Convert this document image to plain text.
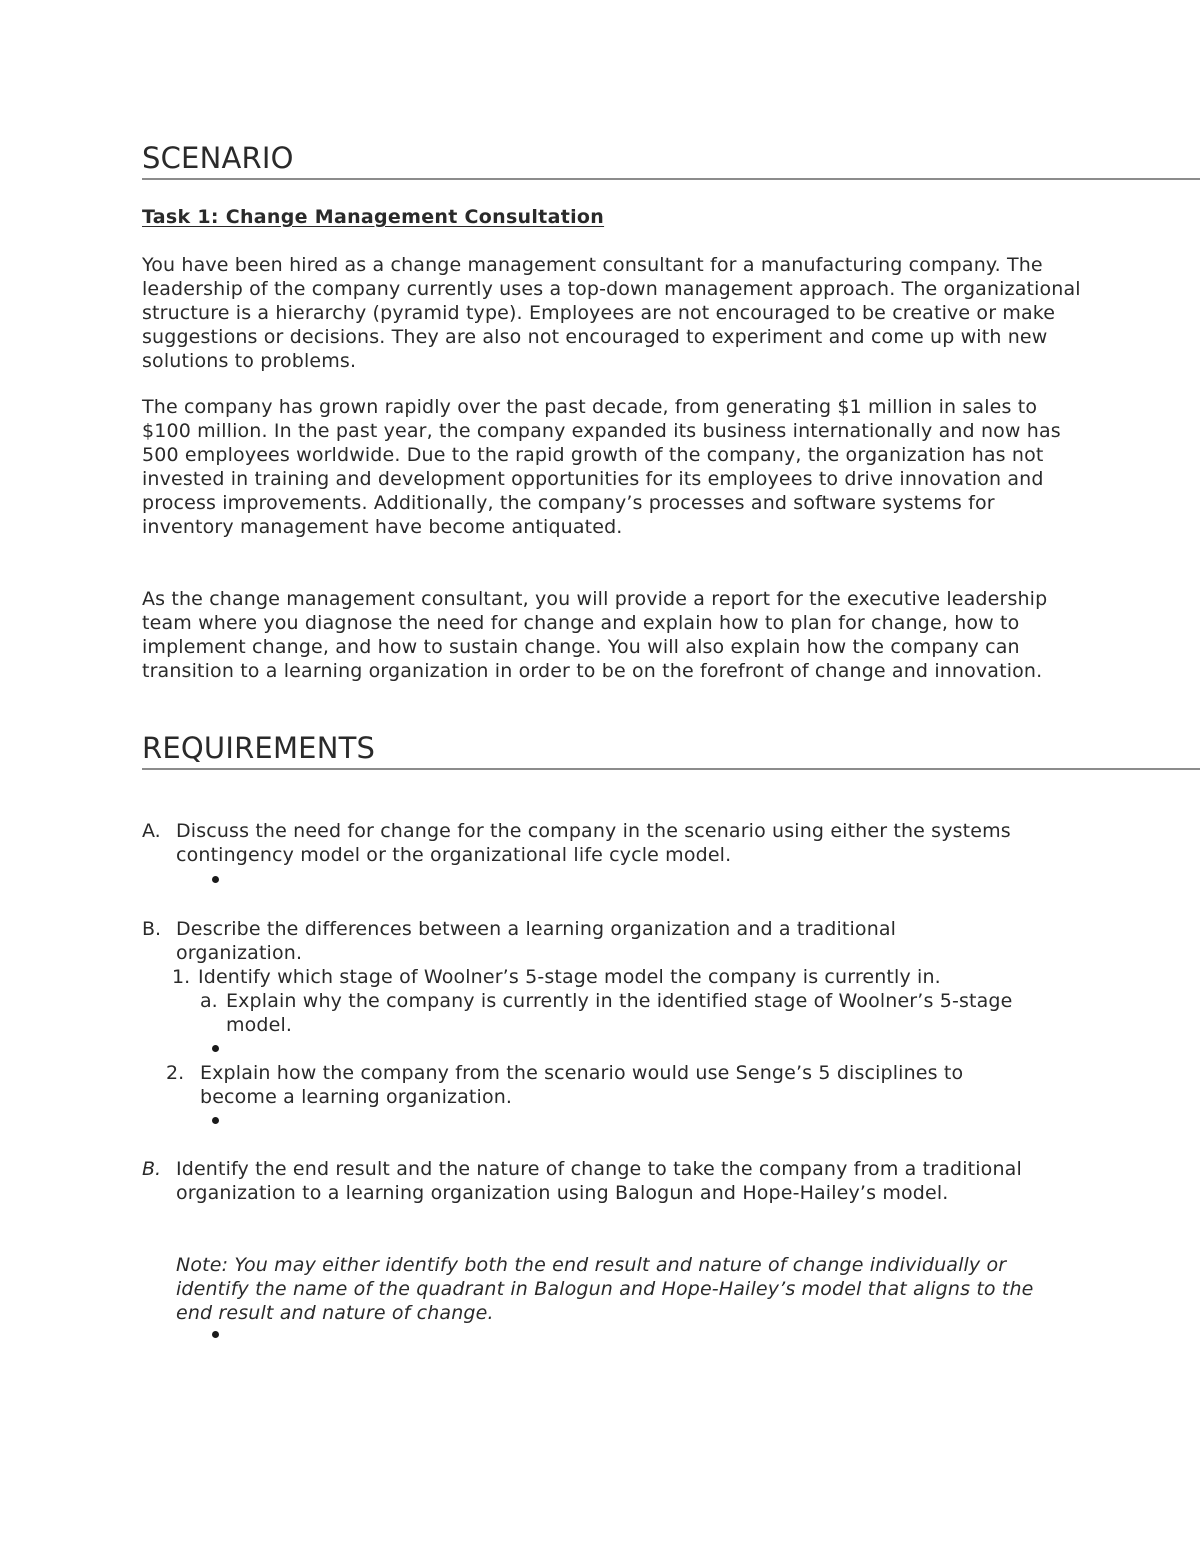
SCENARIO
Task 1: Change Management Consultation

You have been hired as a change management consultant for a manufacturing company. The leadership of the company currently uses a top-down management approach. The organizational structure is a hierarchy (pyramid type). Employees are not encouraged to be creative or make suggestions or decisions. They are also not encouraged to experiment and come up with new solutions to problems.

The company has grown rapidly over the past decade, from generating $1 million in sales to $100 million. In the past year, the company expanded its business internationally and now has 500 employees worldwide. Due to the rapid growth of the company, the organization has not invested in training and development opportunities for its employees to drive innovation and process improvements. Additionally, the company’s processes and software systems for inventory management have become antiquated.

As the change management consultant, you will provide a report for the executive leadership team where you diagnose the need for change and explain how to plan for change, how to implement change, and how to sustain change. You will also explain how the company can transition to a learning organization in order to be on the forefront of change and innovation.

REQUIREMENTS
A. Discuss the need for change for the company in the scenario using either the systems contingency model or the organizational life cycle model.

B. Describe the differences between a learning organization and a traditional organization.

1. Identify which stage of Woolner’s 5-stage model the company is currently in.

a. Explain why the company is currently in the identified stage of Woolner’s 5-stage model.

2. Explain how the company from the scenario would use Senge’s 5 disciplines to become a learning organization.

B. Identify the end result and the nature of change to take the company from a traditional organization to a learning organization using Balogun and Hope-Hailey’s model.

Note: You may either identify both the end result and nature of change individually or identify the name of the quadrant in Balogun and Hope-Hailey’s model that aligns to the end result and nature of change.
